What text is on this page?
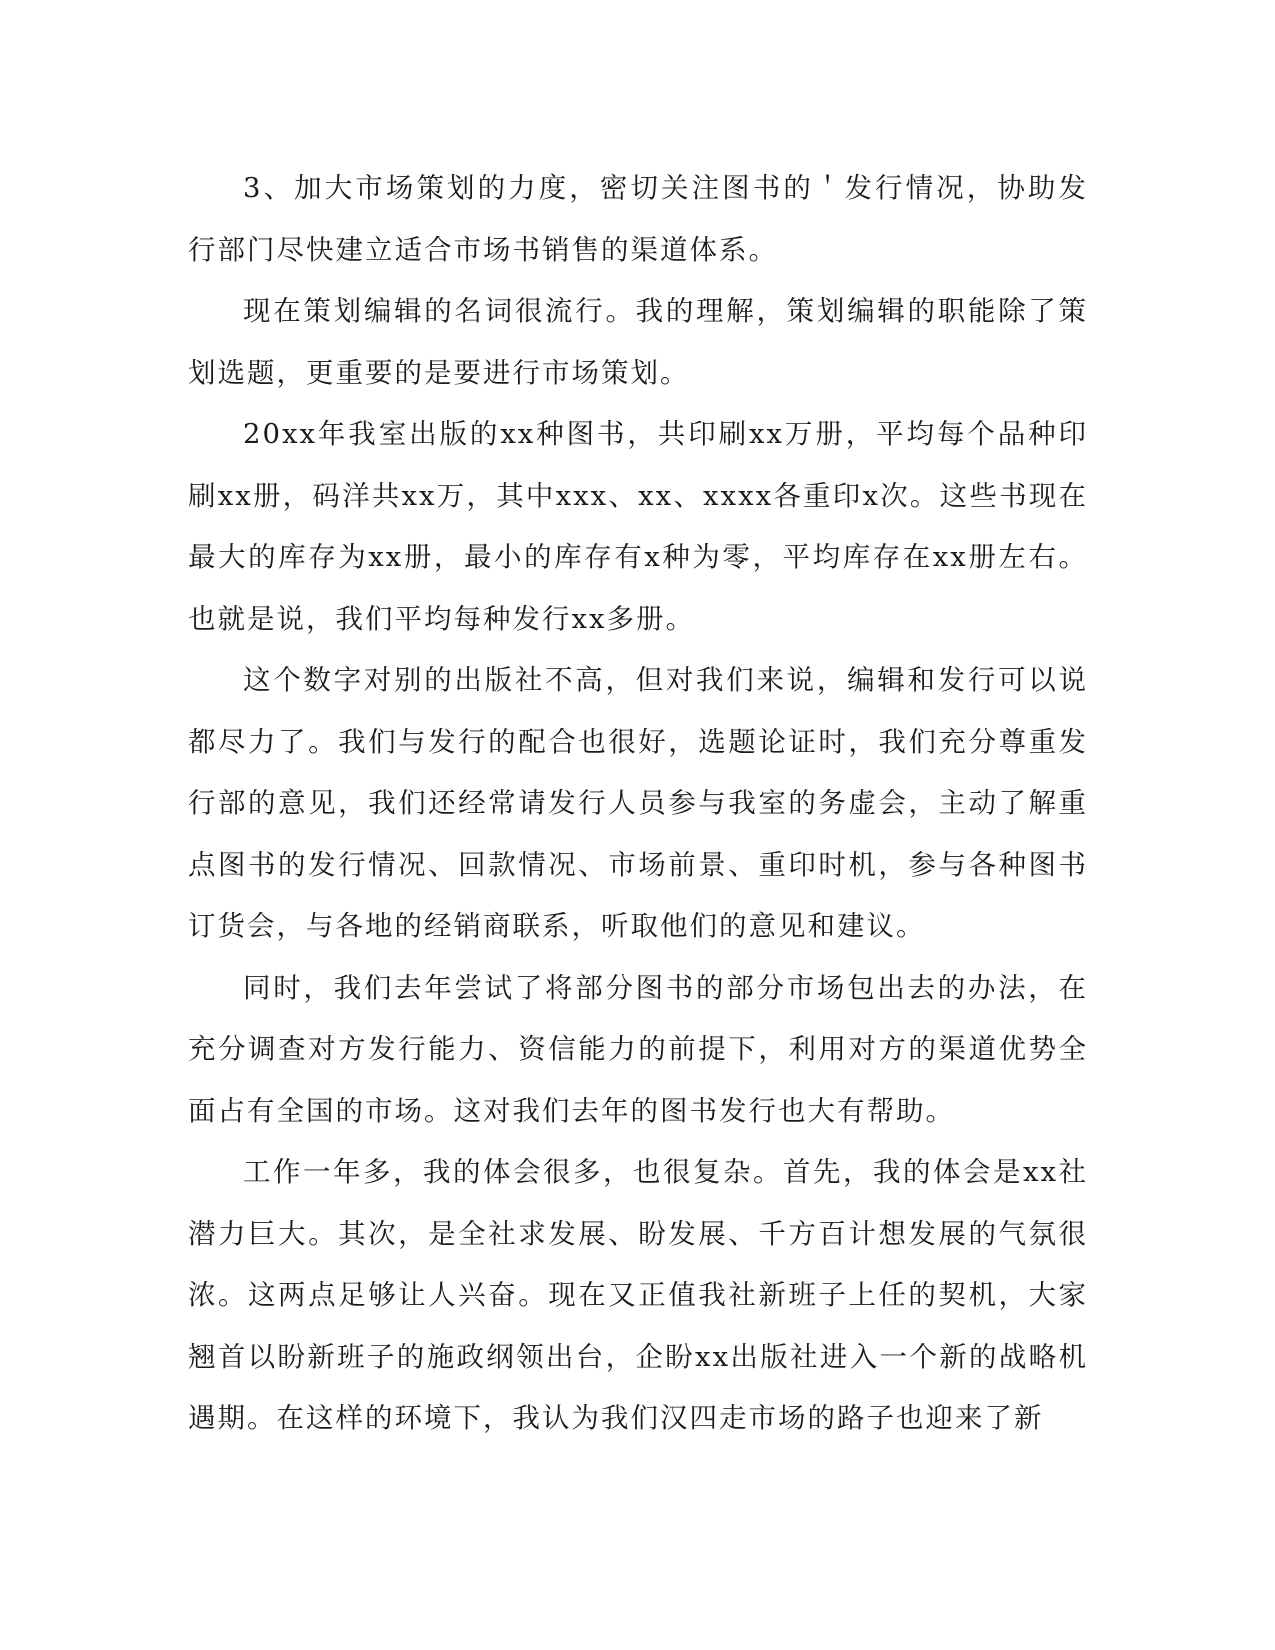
3、加大市场策划的力度，密切关注图书的＇发行情况，协助发行部门尽快建立适合市场书销售的渠道体系。

现在策划编辑的名词很流行。我的理解，策划编辑的职能除了策划选题，更重要的是要进行市场策划。

20xx年我室出版的xx种图书，共印刷xx万册，平均每个品种印刷xx册，码洋共xx万，其中xxx、xx、xxxx各重印x次。这些书现在最大的库存为xx册，最小的库存有x种为零，平均库存在xx册左右。也就是说，我们平均每种发行xx多册。

这个数字对别的出版社不高，但对我们来说，编辑和发行可以说都尽力了。我们与发行的配合也很好，选题论证时，我们充分尊重发行部的意见，我们还经常请发行人员参与我室的务虚会，主动了解重点图书的发行情况、回款情况、市场前景、重印时机，参与各种图书订货会，与各地的经销商联系，听取他们的意见和建议。

同时，我们去年尝试了将部分图书的部分市场包出去的办法，在充分调查对方发行能力、资信能力的前提下，利用对方的渠道优势全面占有全国的市场。这对我们去年的图书发行也大有帮助。

工作一年多，我的体会很多，也很复杂。首先，我的体会是xx社潜力巨大。其次，是全社求发展、盼发展、千方百计想发展的气氛很浓。这两点足够让人兴奋。现在又正值我社新班子上任的契机，大家翘首以盼新班子的施政纲领出台，企盼xx出版社进入一个新的战略机遇期。在这样的环境下，我认为我们汉四走市场的路子也迎来了新
